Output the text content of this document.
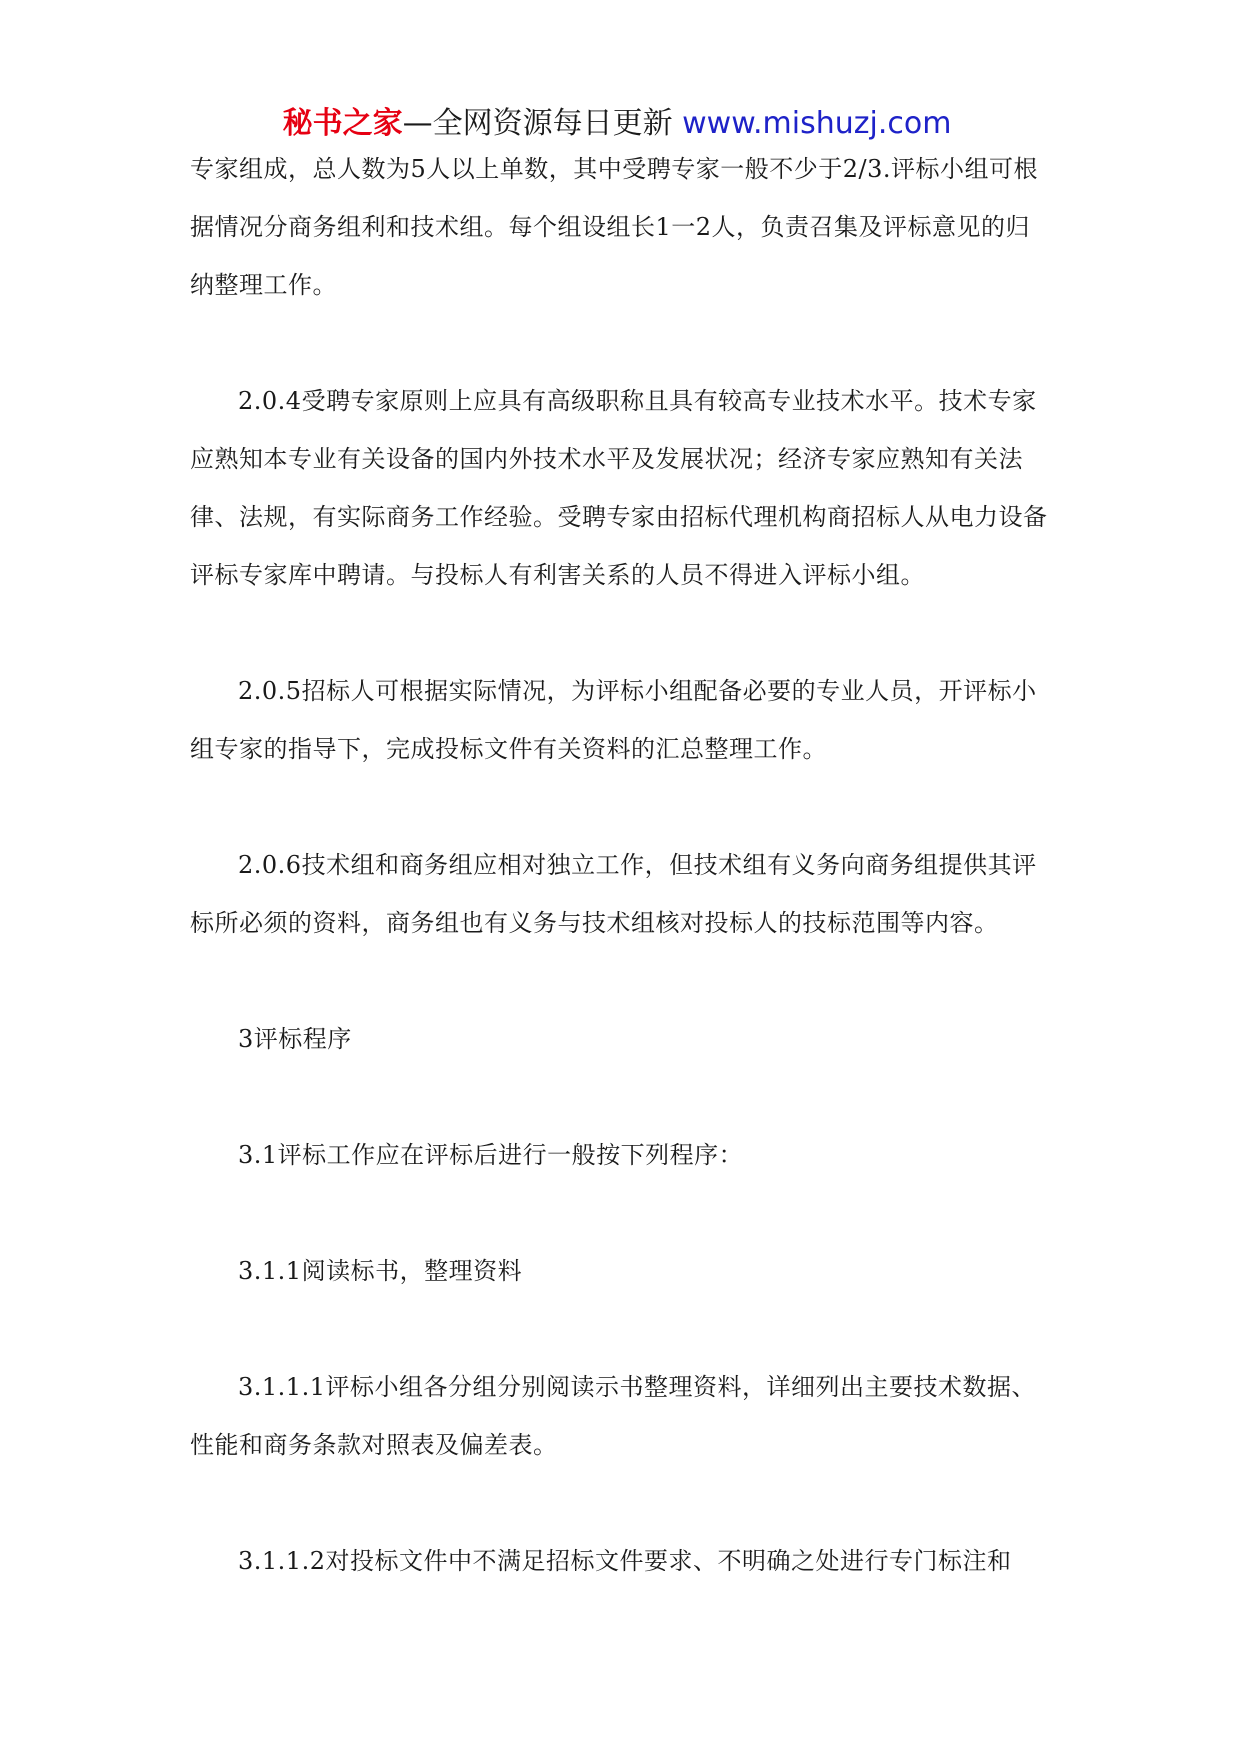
秘书之家—全网资源每日更新 www.mishuzj.com

专家组成，总人数为5人以上单数，其中受聘专家一般不少于2/3.评标小组可根据情况分商务组利和技术组。每个组设组长1一2人，负责召集及评标意见的归纳整理工作。

2.0.4受聘专家原则上应具有高级职称且具有较高专业技术水平。技术专家应熟知本专业有关设备的国内外技术水平及发展状况；经济专家应熟知有关法律、法规，有实际商务工作经验。受聘专家由招标代理机构商招标人从电力设备评标专家库中聘请。与投标人有利害关系的人员不得进入评标小组。

2.0.5招标人可根据实际情况，为评标小组配备必要的专业人员，开评标小组专家的指导下，完成投标文件有关资料的汇总整理工作。

2.0.6技术组和商务组应相对独立工作，但技术组有义务向商务组提供其评标所必须的资料，商务组也有义务与技术组核对投标人的技标范围等内容。

3评标程序

3.1评标工作应在评标后进行一般按下列程序：

3.1.1阅读标书，整理资料

3.1.1.1评标小组各分组分别阅读示书整理资料，详细列出主要技术数据、性能和商务条款对照表及偏差表。

3.1.1.2对投标文件中不满足招标文件要求、不明确之处进行专门标注和
